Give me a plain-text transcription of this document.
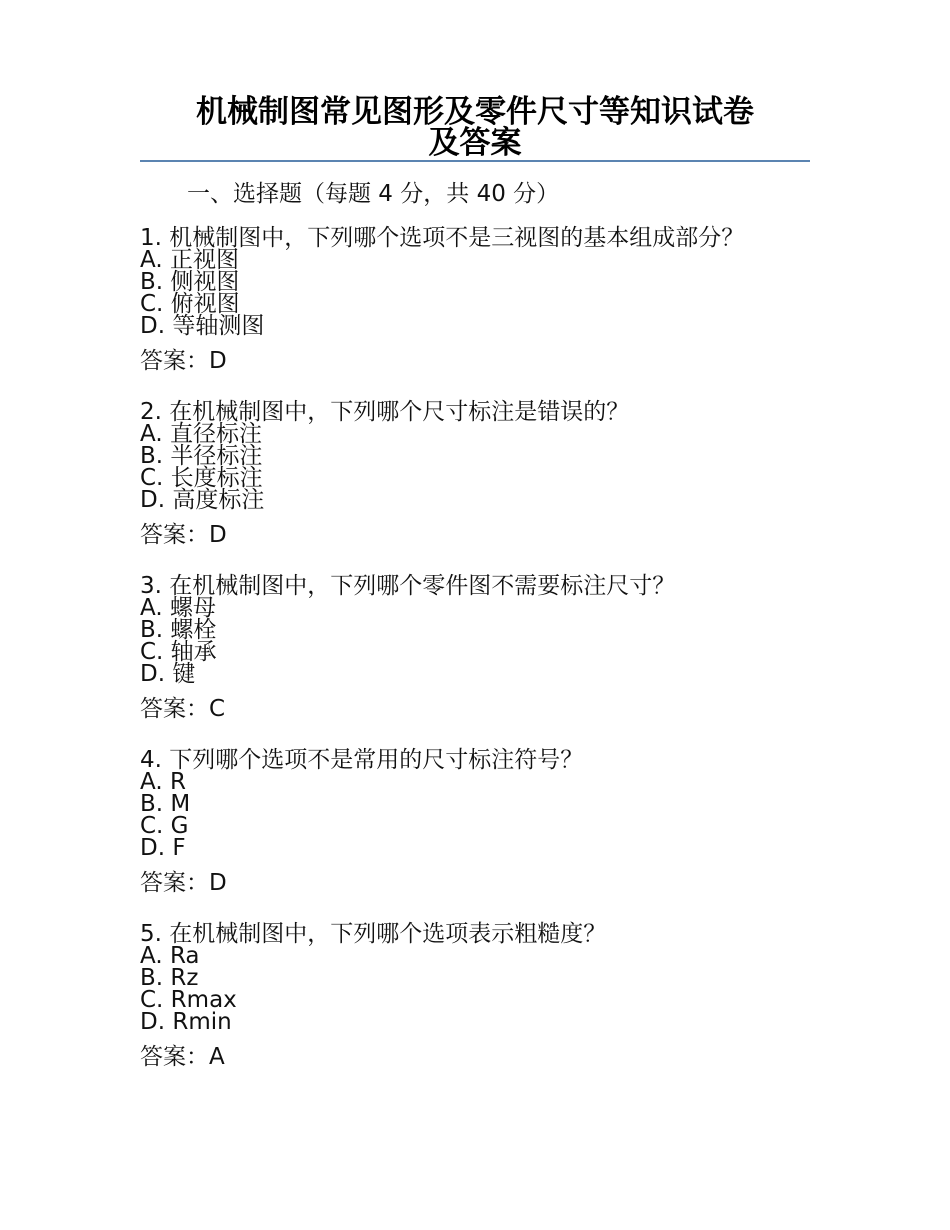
机械制图常见图形及零件尺寸等知识试卷
及答案
一、选择题（每题 4 分，共 40 分）
1. 机械制图中，下列哪个选项不是三视图的基本组成部分？
A. 正视图
B. 侧视图
C. 俯视图
D. 等轴测图
答案：D
2. 在机械制图中，下列哪个尺寸标注是错误的？
A. 直径标注
B. 半径标注
C. 长度标注
D. 高度标注
答案：D
3. 在机械制图中，下列哪个零件图不需要标注尺寸？
A. 螺母
B. 螺栓
C. 轴承
D. 键
答案：C
4. 下列哪个选项不是常用的尺寸标注符号？
A. R
B. M
C. G
D. F
答案：D
5. 在机械制图中，下列哪个选项表示粗糙度？
A. Ra
B. Rz
C. Rmax
D. Rmin
答案：A
